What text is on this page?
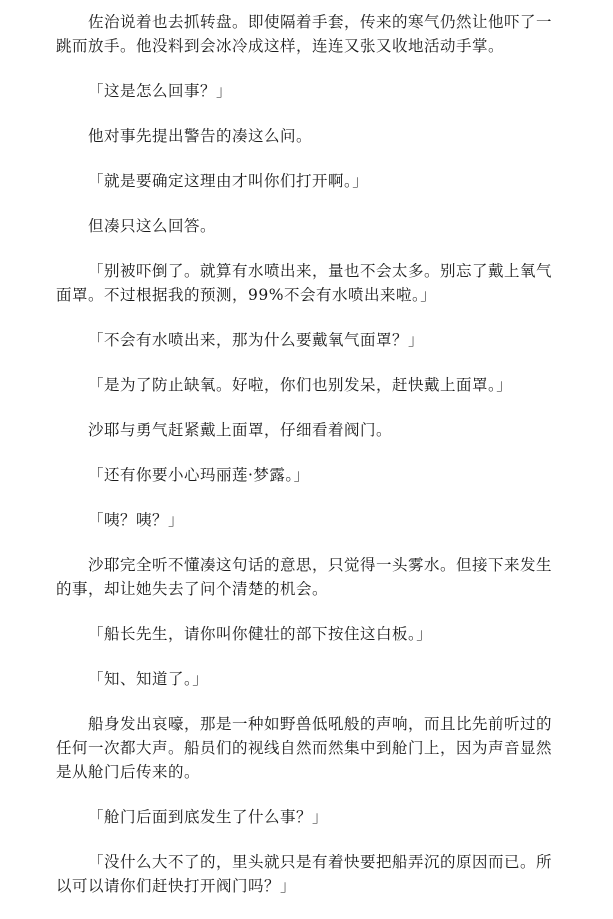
佐治说着也去抓转盘。即使隔着手套，传来的寒气仍然让他吓了一跳而放手。他没料到会冰冷成这样，连连又张又收地活动手掌。

「这是怎么回事？」

他对事先提出警告的凑这么问。

「就是要确定这理由才叫你们打开啊。」

但凑只这么回答。

「别被吓倒了。就算有水喷出来，量也不会太多。别忘了戴上氧气面罩。不过根据我的预测，99%不会有水喷出来啦。」

「不会有水喷出来，那为什么要戴氧气面罩？」

「是为了防止缺氧。好啦，你们也别发呆，赶快戴上面罩。」

沙耶与勇气赶紧戴上面罩，仔细看着阀门。

「还有你要小心玛丽莲·梦露。」

「咦？咦？」

沙耶完全听不懂凑这句话的意思，只觉得一头雾水。但接下来发生的事，却让她失去了问个清楚的机会。

「船长先生，请你叫你健壮的部下按住这白板。」

「知、知道了。」

船身发出哀嚎，那是一种如野兽低吼般的声响，而且比先前听过的任何一次都大声。船员们的视线自然而然集中到舱门上，因为声音显然是从舱门后传来的。

「舱门后面到底发生了什么事？」

「没什么大不了的，里头就只是有着快要把船弄沉的原因而已。所以可以请你们赶快打开阀门吗？」
